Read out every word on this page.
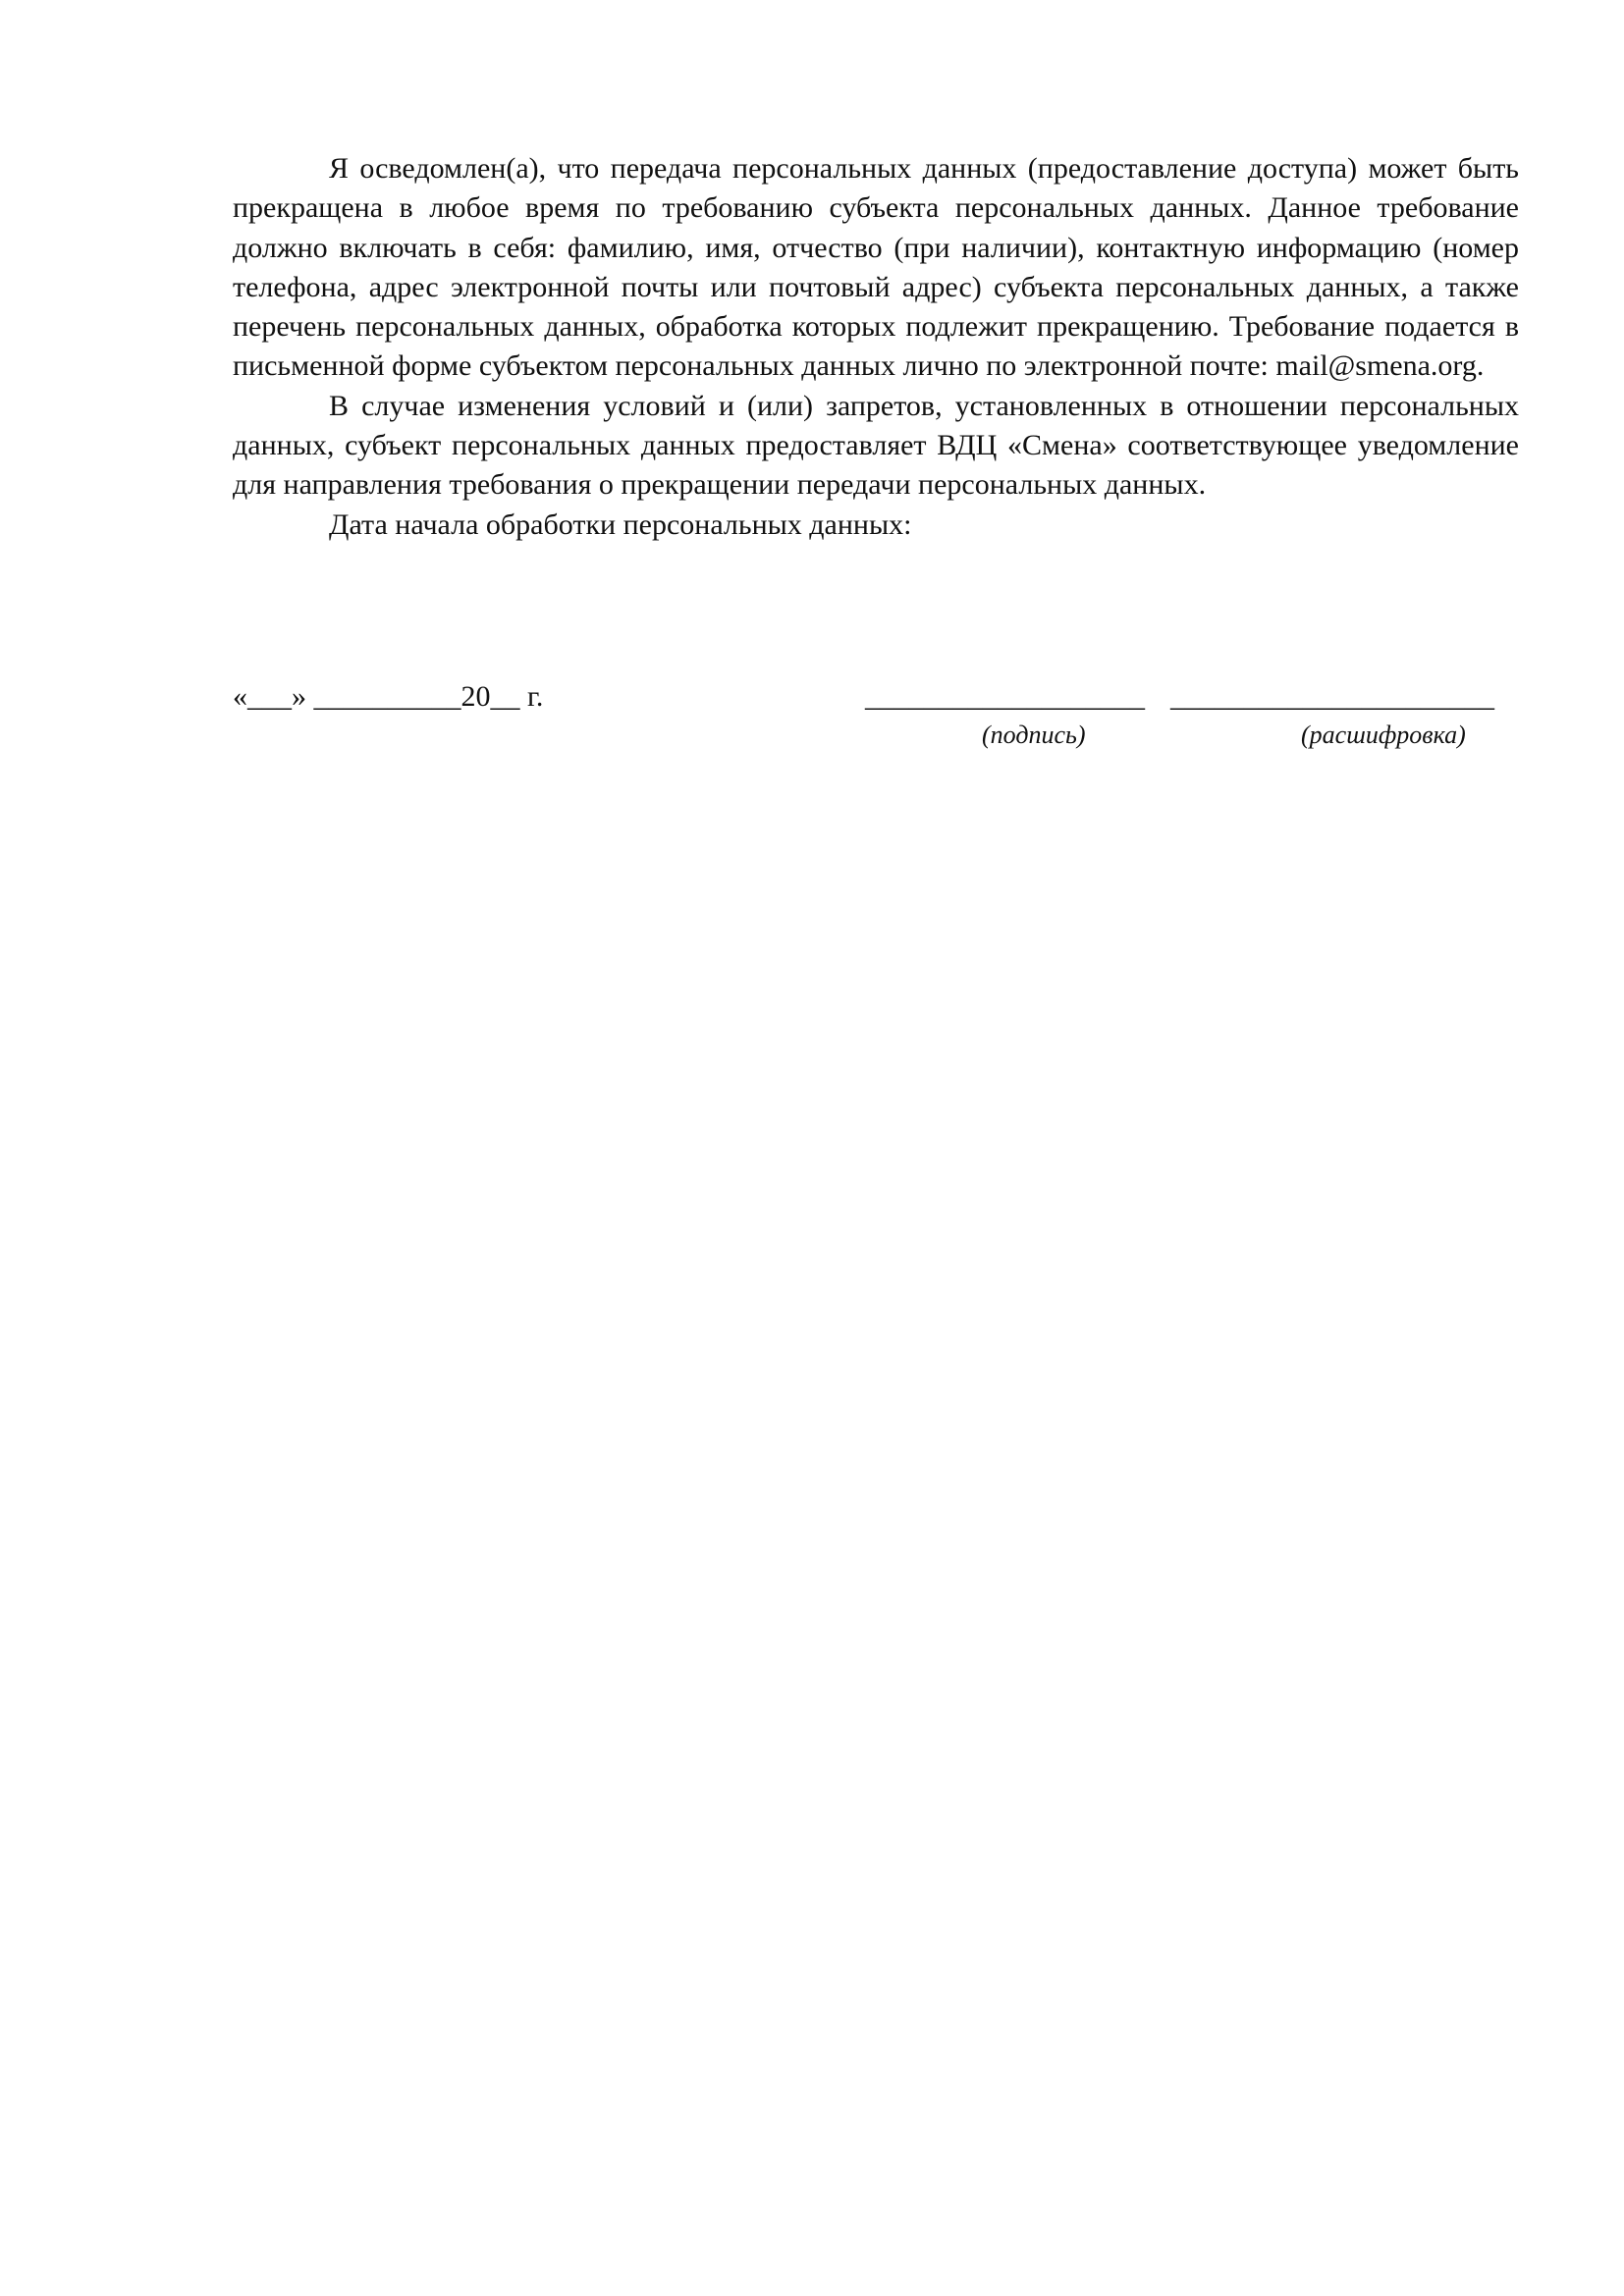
Я осведомлен(а), что передача персональных данных (предоставление доступа) может быть прекращена в любое время по требованию субъекта персональных данных. Данное требование должно включать в себя: фамилию, имя, отчество (при наличии), контактную информацию (номер телефона, адрес электронной почты или почтовый адрес) субъекта персональных данных, а также перечень персональных данных, обработка которых подлежит прекращению. Требование подается в письменной форме субъектом персональных данных лично по электронной почте: mail@smena.org.

В случае изменения условий и (или) запретов, установленных в отношении персональных данных, субъект персональных данных предоставляет ВДЦ «Смена» соответствующее уведомление для направления требования о прекращении передачи персональных данных.

Дата начала обработки персональных данных:

«___» __________20__ г.	___________________ ______________________
(подпись)	(расшифровка)
